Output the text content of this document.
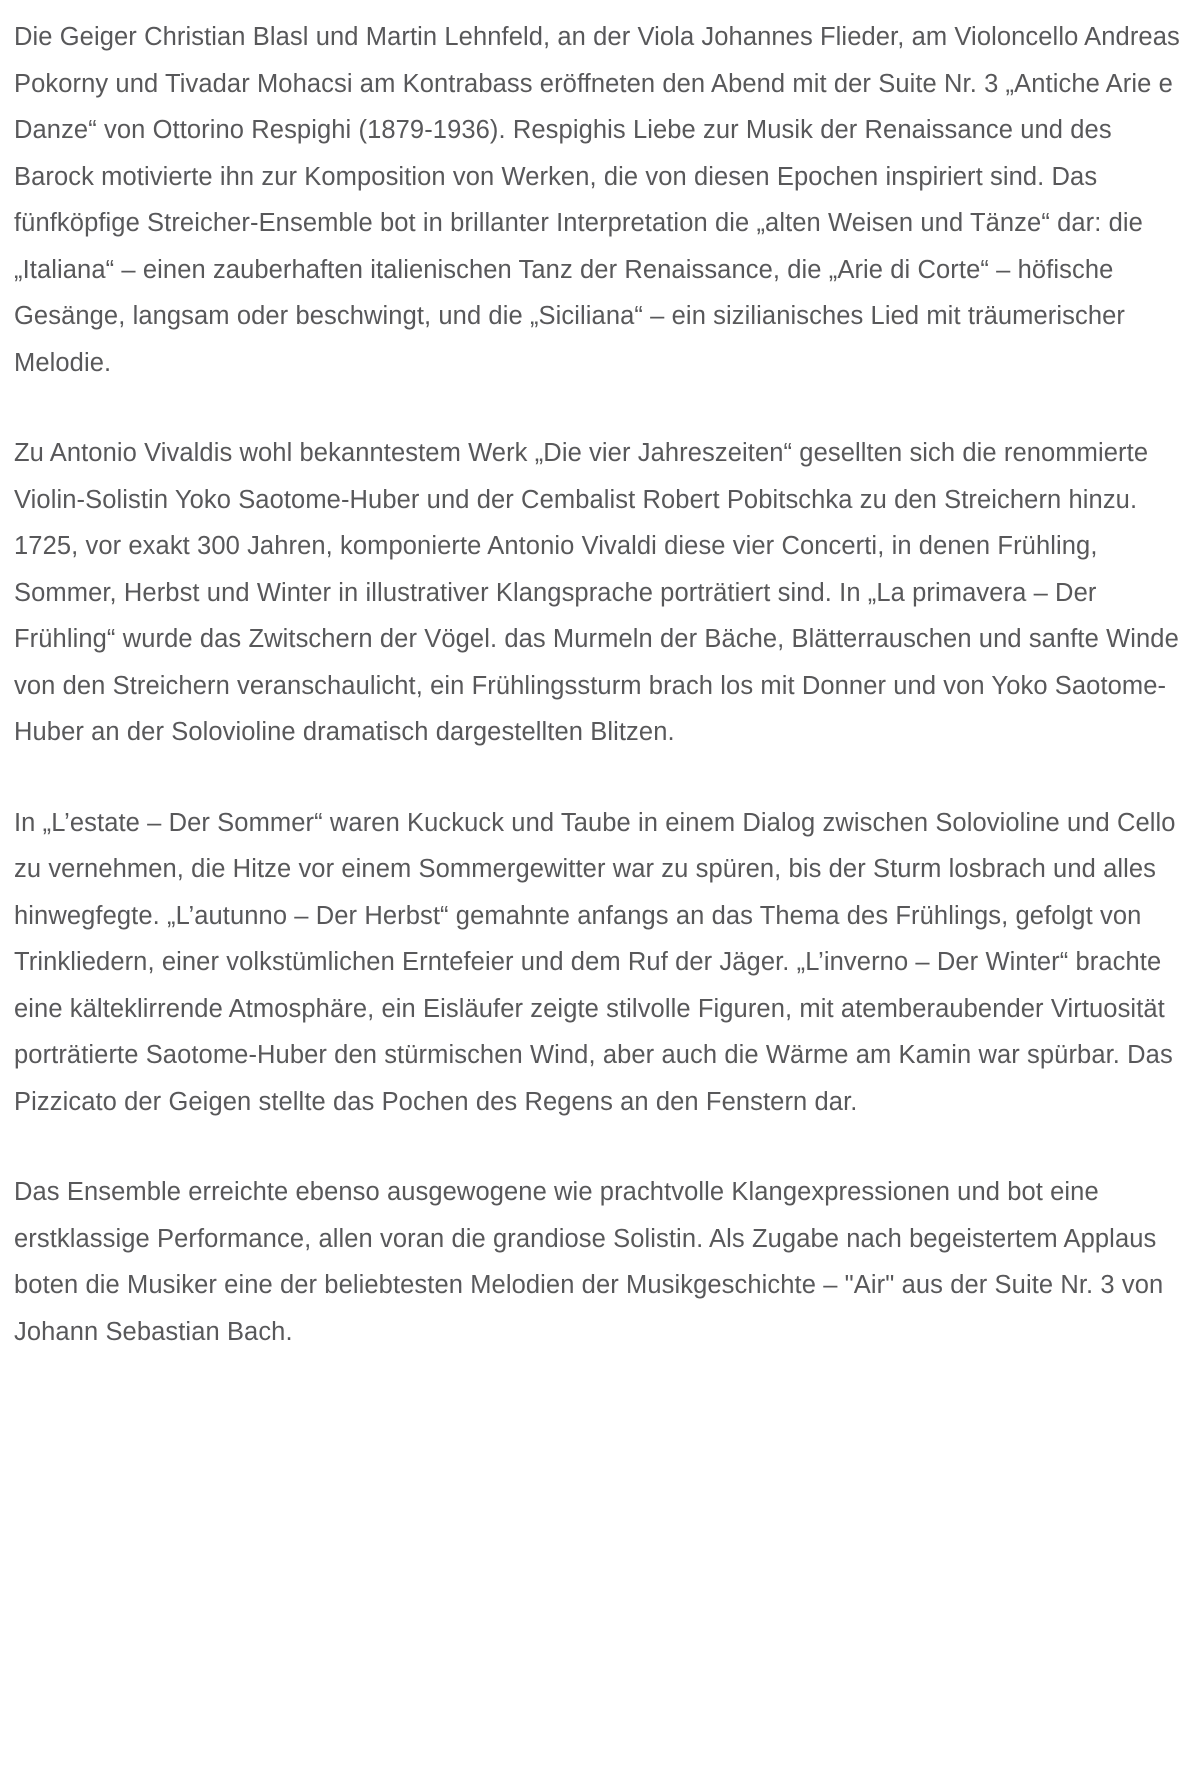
Die Geiger Christian Blasl und Martin Lehnfeld, an der Viola Johannes Flieder, am Violoncello Andreas Pokorny und Tivadar Mohacsi am Kontrabass eröffneten den Abend mit der Suite Nr. 3 „Antiche Arie e Danze“ von Ottorino Respighi (1879-1936). Respighis Liebe zur Musik der Renaissance und des Barock motivierte ihn zur Komposition von Werken, die von diesen Epochen inspiriert sind. Das fünfköpfige Streicher-Ensemble bot in brillanter Interpretation die „alten Weisen und Tänze“ dar: die „Italiana“ – einen zauberhaften italienischen Tanz der Renaissance, die „Arie di Corte“ – höfische Gesänge, langsam oder beschwingt, und die „Siciliana“ – ein sizilianisches Lied mit träumerischer Melodie.

Zu Antonio Vivaldis wohl bekanntestem Werk „Die vier Jahreszeiten“ gesellten sich die renommierte Violin-Solistin Yoko Saotome-Huber und der Cembalist Robert Pobitschka zu den Streichern hinzu. 1725, vor exakt 300 Jahren, komponierte Antonio Vivaldi diese vier Concerti, in denen Frühling, Sommer, Herbst und Winter in illustrativer Klangsprache porträtiert sind. In „La primavera – Der Frühling“ wurde das Zwitschern der Vögel. das Murmeln der Bäche, Blätterrauschen und sanfte Winde von den Streichern veranschaulicht, ein Frühlingssturm brach los mit Donner und von Yoko Saotome-Huber an der Solovioline dramatisch dargestellten Blitzen.

In „L’estate – Der Sommer“ waren Kuckuck und Taube in einem Dialog zwischen Solovioline und Cello zu vernehmen, die Hitze vor einem Sommergewitter war zu spüren, bis der Sturm losbrach und alles hinwegfegte. „L’autunno – Der Herbst“ gemahnte anfangs an das Thema des Frühlings, gefolgt von Trinkliedern, einer volkstümlichen Erntefeier und dem Ruf der Jäger. „L’inverno – Der Winter“ brachte eine kälteklirrende Atmosphäre, ein Eisläufer zeigte stilvolle Figuren, mit atemberaubender Virtuosität porträtierte Saotome-Huber den stürmischen Wind, aber auch die Wärme am Kamin war spürbar. Das Pizzicato der Geigen stellte das Pochen des Regens an den Fenstern dar.

Das Ensemble erreichte ebenso ausgewogene wie prachtvolle Klangexpressionen und bot eine erstklassige Performance, allen voran die grandiose Solistin. Als Zugabe nach begeistertem Applaus boten die Musiker eine der beliebtesten Melodien der Musikgeschichte – "Air" aus der Suite Nr. 3 von Johann Sebastian Bach.
